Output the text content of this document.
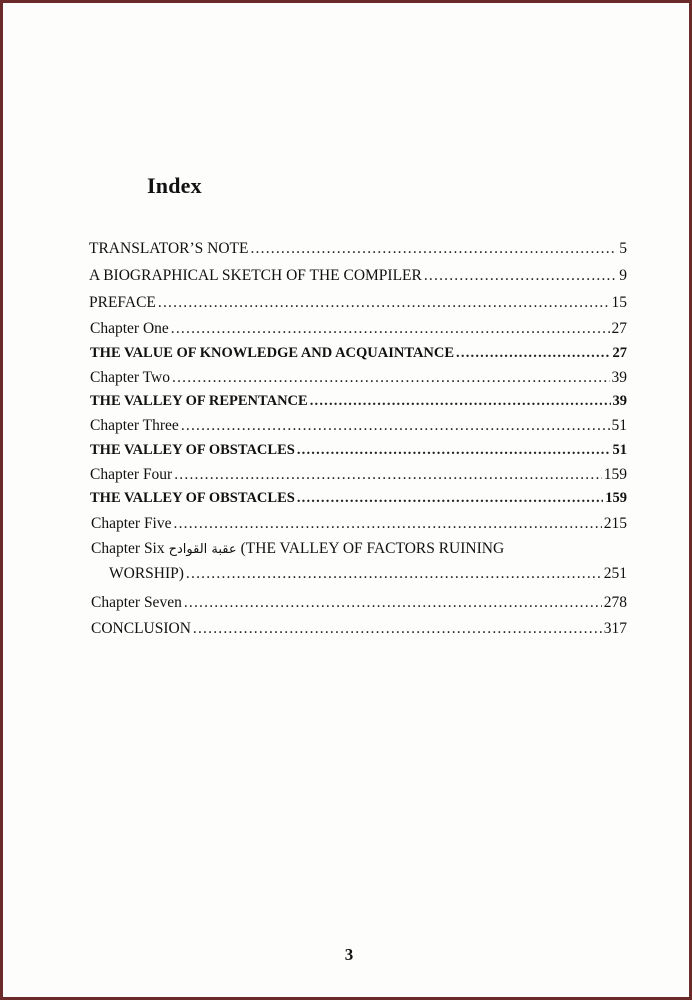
Index
TRANSLATOR’S NOTE .....	5
A BIOGRAPHICAL SKETCH OF THE COMPILER .....	9
PREFACE .....	15
Chapter One .....	27
THE VALUE OF KNOWLEDGE AND ACQUAINTANCE .....	27
Chapter Two .....	39
THE VALLEY OF REPENTANCE .....	39
Chapter Three .....	51
THE VALLEY OF OBSTACLES .....	51
Chapter Four .....	159
THE VALLEY OF OBSTACLES .....	159
Chapter Five .....	215
Chapter Six عقبة القوادح (THE VALLEY OF FACTORS RUINING
WORSHIP) .....	251
Chapter Seven .....	278
CONCLUSION .....	317
3
